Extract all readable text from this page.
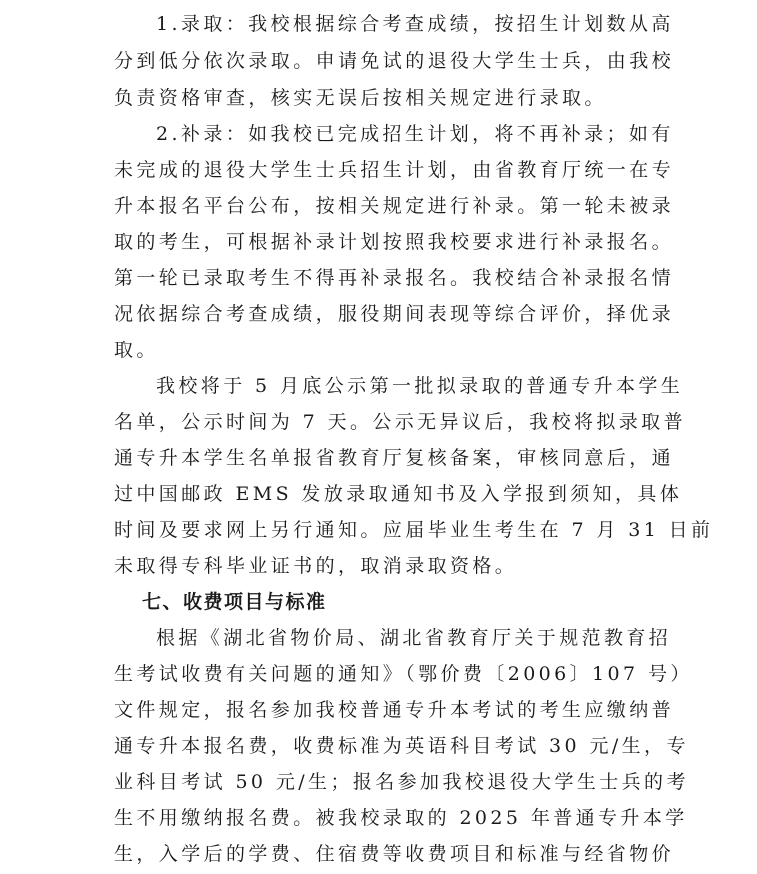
1.录取：我校根据综合考查成绩，按招生计划数从高
分到低分依次录取。申请免试的退役大学生士兵，由我校
负责资格审查，核实无误后按相关规定进行录取。
2.补录：如我校已完成招生计划，将不再补录；如有
未完成的退役大学生士兵招生计划，由省教育厅统一在专
升本报名平台公布，按相关规定进行补录。第一轮未被录
取的考生，可根据补录计划按照我校要求进行补录报名。
第一轮已录取考生不得再补录报名。我校结合补录报名情
况依据综合考查成绩，服役期间表现等综合评价，择优录
取。
我校将于 5 月底公示第一批拟录取的普通专升本学生
名单，公示时间为 7 天。公示无异议后，我校将拟录取普
通专升本学生名单报省教育厅复核备案，审核同意后，通
过中国邮政 EMS 发放录取通知书及入学报到须知，具体
时间及要求网上另行通知。应届毕业生考生在 7 月 31 日前
未取得专科毕业证书的，取消录取资格。
七、收费项目与标准
根据《湖北省物价局、湖北省教育厅关于规范教育招
生考试收费有关问题的通知》（鄂价费〔2006〕107 号）
文件规定，报名参加我校普通专升本考试的考生应缴纳普
通专升本报名费，收费标准为英语科目考试 30 元/生，专
业科目考试 50 元/生；报名参加我校退役大学生士兵的考
生不用缴纳报名费。被我校录取的 2025 年普通专升本学
生，入学后的学费、住宿费等收费项目和标准与经省物价
